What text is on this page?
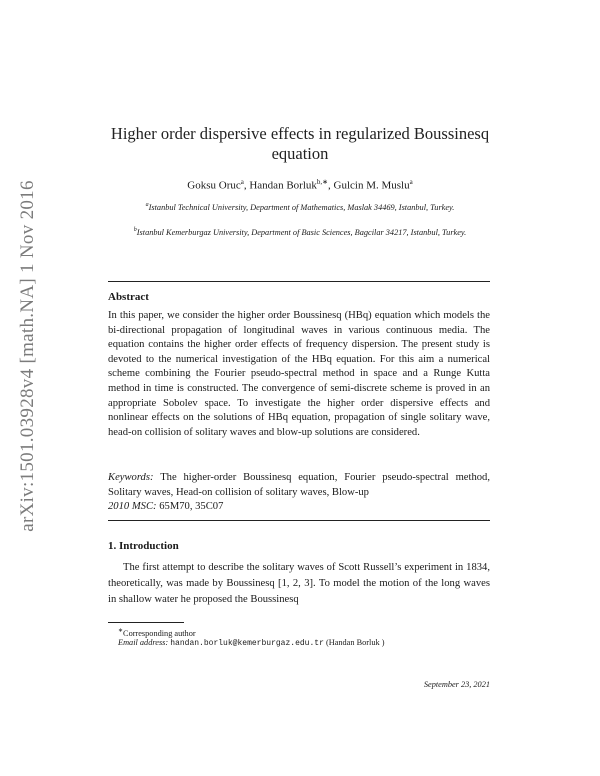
arXiv:1501.03928v4 [math.NA] 1 Nov 2016
Higher order dispersive effects in regularized Boussinesq equation
Goksu Oruc$^a$, Handan Borluk$^{b,∗}$, Gulcin M. Muslu$^a$
$^a$Istanbul Technical University, Department of Mathematics, Maslak 34469, Istanbul, Turkey.
$^b$Istanbul Kemerburgaz University, Department of Basic Sciences, Bagcilar 34217, Istanbul, Turkey.
Abstract
In this paper, we consider the higher order Boussinesq (HBq) equation which models the bi-directional propagation of longitudinal waves in various continuous media. The equation contains the higher order effects of frequency dispersion. The present study is devoted to the numerical investigation of the HBq equation. For this aim a numerical scheme combining the Fourier pseudo-spectral method in space and a Runge Kutta method in time is constructed. The convergence of semi-discrete scheme is proved in an appropriate Sobolev space. To investigate the higher order dispersive effects and nonlinear effects on the solutions of HBq equation, propagation of single solitary wave, head-on collision of solitary waves and blow-up solutions are considered.
Keywords: The higher-order Boussinesq equation, Fourier pseudo-spectral method, Solitary waves, Head-on collision of solitary waves, Blow-up
2010 MSC: 65M70, 35C07
1. Introduction
The first attempt to describe the solitary waves of Scott Russell’s experiment in 1834, theoretically, was made by Boussinesq [1, 2, 3]. To model the motion of the long waves in shallow water he proposed the Boussinesq
∗Corresponding author
Email address: handan.borluk@kemerburgaz.edu.tr (Handan Borluk )
September 23, 2021
